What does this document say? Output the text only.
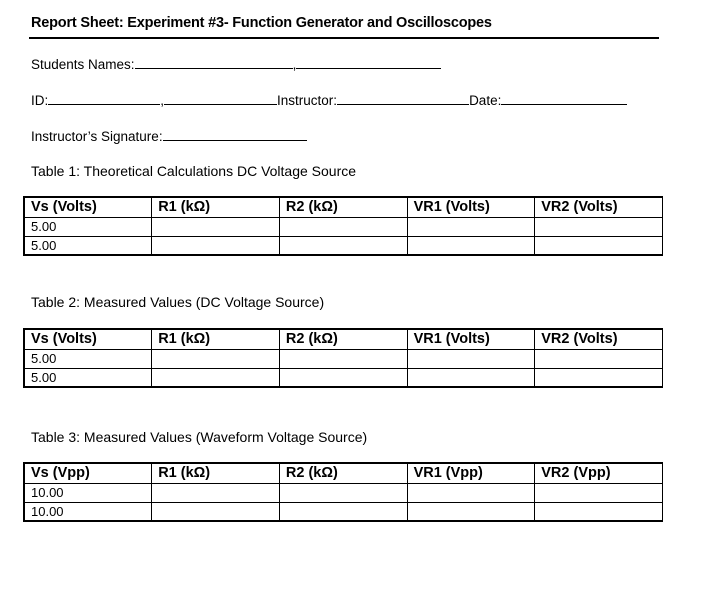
Report Sheet: Experiment #3- Function Generator and Oscilloscopes
Students Names:	,
ID:	,	Instructor:	Date:
Instructor’s Signature:
Table 1: Theoretical Calculations DC Voltage Source
Vs (Volts)	R1 (kΩ)	R2 (kΩ)	VR1 (Volts)	VR2 (Volts)
5.00				
5.00				
Table 2: Measured Values (DC Voltage Source)
Vs (Volts)	R1 (kΩ)	R2 (kΩ)	VR1 (Volts)	VR2 (Volts)
5.00				
5.00				
Table 3: Measured Values (Waveform Voltage Source)
Vs (Vpp)	R1 (kΩ)	R2 (kΩ)	VR1 (Vpp)	VR2 (Vpp)
10.00				
10.00				
